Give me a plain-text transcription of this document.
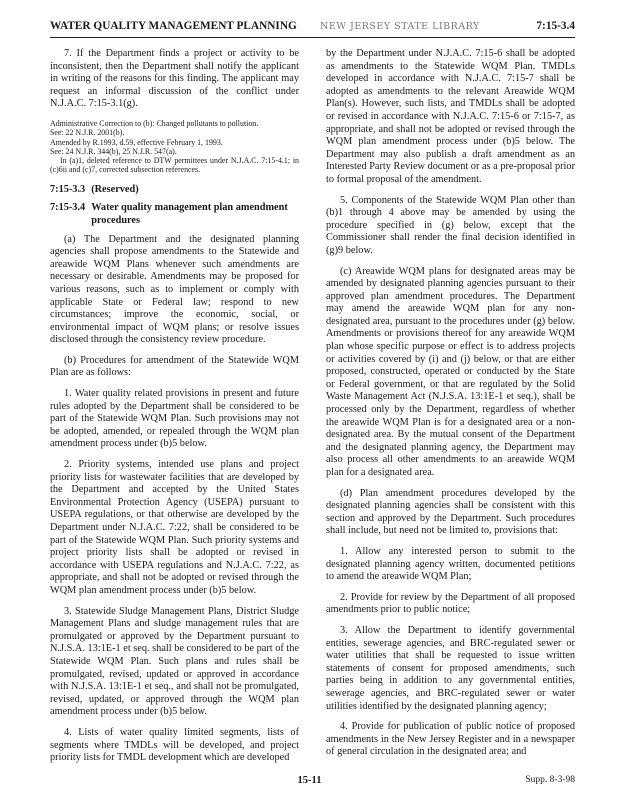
WATER QUALITY MANAGEMENT PLANNING NEW JERSEY STATE LIBRARY	7:15-3.4

7. If the Department finds a project or activity to be inconsistent, then the Department shall notify the applicant in writing of the reasons for this finding. The applicant may request an informal discussion of the conflict under N.J.A.C. 7:15-3.1(g).

Administrative Correction to (b): Changed pollutants to pollution.
See: 22 N.J.R. 2001(b).
Amended by R.1993, d.59, effective February 1, 1993.
See: 24 N.J.R. 344(b), 25 N.J.R. 547(a).
In (a)1, deleted reference to DTW permittees under N.J.A.C. 7:15-4.1; in (c)6ii and (c)7, corrected subsection references.
7:15-3.3 (Reserved)
7:15-3.4 Water quality management plan amendment procedures

(a) The Department and the designated planning agencies shall propose amendments to the Statewide and areawide WQM Plans whenever such amendments are necessary or desirable. Amendments may be proposed for various reasons, such as to implement or comply with applicable State or Federal law; respond to new circumstances; improve the economic, social, or environmental impact of WQM plans; or resolve issues disclosed through the consistency review procedure.

(b) Procedures for amendment of the Statewide WQM Plan are as follows:

1. Water quality related provisions in present and future rules adopted by the Department shall be considered to be part of the Statewide WQM Plan. Such provisions may not be adopted, amended, or repealed through the WQM plan amendment process under (b)5 below.

2. Priority systems, intended use plans and project priority lists for wastewater facilities that are developed by the Department and accepted by the United States Environmental Protection Agency (USEPA) pursuant to USEPA regulations, or that otherwise are developed by the Department under N.J.A.C. 7:22, shall be considered to be part of the Statewide WQM Plan. Such priority systems and project priority lists shall be adopted or revised in accordance with USEPA regulations and N.J.A.C. 7:22, as appropriate, and shall not be adopted or revised through the WQM plan amendment process under (b)5 below.

3. Statewide Sludge Management Plans, District Sludge Management Plans and sludge management rules that are promulgated or approved by the Department pursuant to N.J.S.A. 13:1E-1 et seq. shall be considered to be part of the Statewide WQM Plan. Such plans and rules shall be promulgated, revised, updated or approved in accordance with N.J.S.A. 13:1E-1 et seq., and shall not be promulgated, revised, updated, or approved through the WQM plan amendment process under (b)5 below.

4. Lists of water quality limited segments, lists of segments where TMDLs will be developed, and project priority lists for TMDL development which are developed

by the Department under N.J.A.C. 7:15-6 shall be adopted as amendments to the Statewide WQM Plan. TMDLs developed in accordance with N.J.A.C. 7:15-7 shall be adopted as amendments to the relevant Areawide WQM Plan(s). However, such lists, and TMDLs shall be adopted or revised in accordance with N.J.A.C. 7:15-6 or 7:15-7, as appropriate, and shall not be adopted or revised through the WQM plan amendment process under (b)5 below. The Department may also publish a draft amendment as an Interested Party Review document or as a pre-proposal prior to formal proposal of the amendment.

5. Components of the Statewide WQM Plan other than (b)1 through 4 above may be amended by using the procedure specified in (g) below, except that the Commissioner shall render the final decision identified in (g)9 below.

(c) Areawide WQM plans for designated areas may be amended by designated planning agencies pursuant to their approved plan amendment procedures. The Department may amend the areawide WQM plan for any non-designated area, pursuant to the procedures under (g) below. Amendments or provisions thereof for any areawide WQM plan whose specific purpose or effect is to address projects or activities covered by (i) and (j) below, or that are either proposed, constructed, operated or conducted by the State or Federal government, or that are regulated by the Solid Waste Management Act (N.J.S.A. 13:1E-1 et seq.), shall be processed only by the Department, regardless of whether the areawide WQM Plan is for a designated area or a non-designated area. By the mutual consent of the Department and the designated planning agency, the Department may also process all other amendments to an areawide WQM plan for a designated area.

(d) Plan amendment procedures developed by the designated planning agencies shall be consistent with this section and approved by the Department. Such procedures shall include, but need not be limited to, provisions that:

1. Allow any interested person to submit to the designated planning agency written, documented petitions to amend the areawide WQM Plan;

2. Provide for review by the Department of all proposed amendments prior to public notice;

3. Allow the Department to identify governmental entities, sewerage agencies, and BRC-regulated sewer or water utilities that shall be requested to issue written statements of consent for proposed amendments, such parties being in addition to any governmental entities, sewerage agencies, and BRC-regulated sewer or water utilities identified by the designated planning agency;

4. Provide for publication of public notice of proposed amendments in the New Jersey Register and in a newspaper of general circulation in the designated area; and

15-11	Supp. 8-3-98
